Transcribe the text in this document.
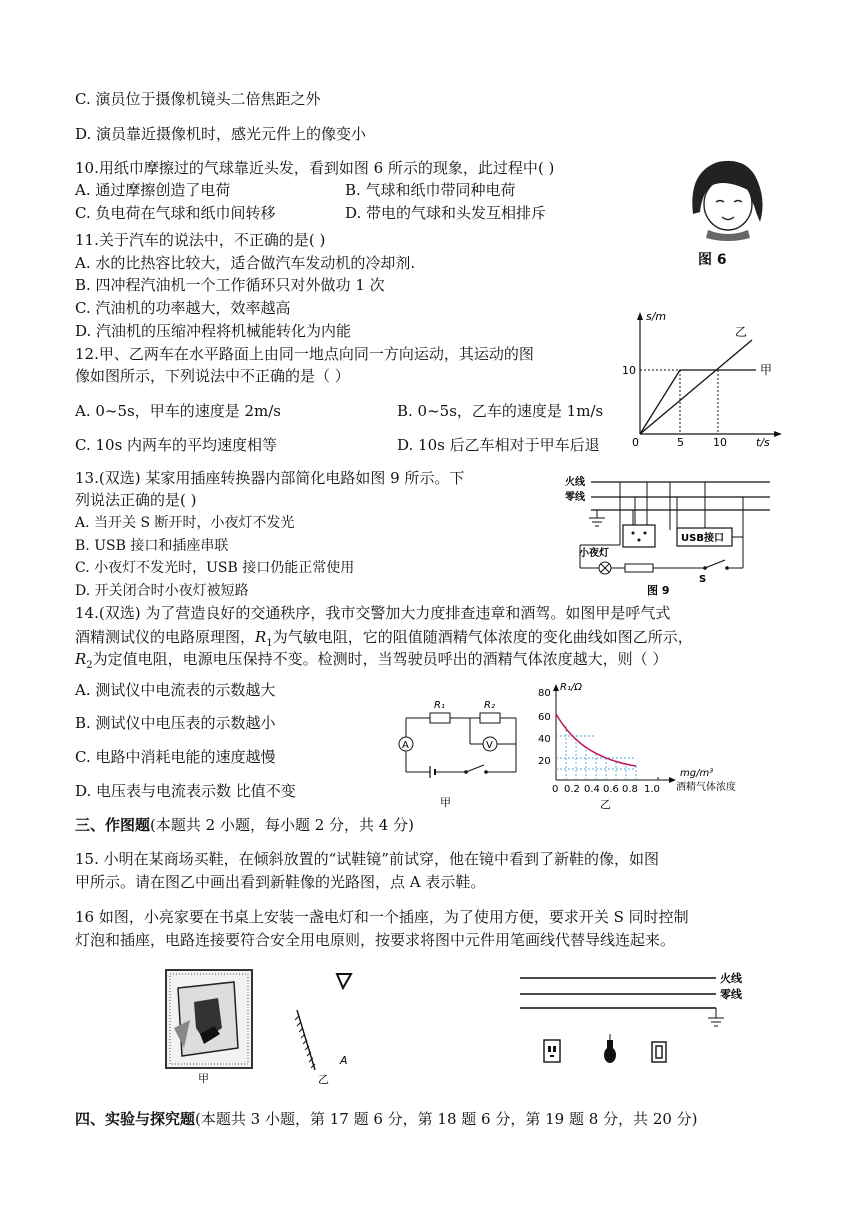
C. 演员位于摄像机镜头二倍焦距之外
D. 演员靠近摄像机时，感光元件上的像变小
10.用纸巾摩擦过的气球靠近头发，看到如图 6 所示的现象，此过程中( )
A. 通过摩擦创造了电荷	B. 气球和纸巾带同种电荷
C. 负电荷在气球和纸巾间转移	D. 带电的气球和头发互相排斥
图 6
11.关于汽车的说法中，不正确的是( )
A. 水的比热容比较大，适合做汽车发动机的冷却剂.
B. 四冲程汽油机一个工作循环只对外做功 1 次
C. 汽油机的功率越大，效率越高
D. 汽油机的压缩冲程将机械能转化为内能
12.甲、乙两车在水平路面上由同一地点向同一方向运动，其运动的图
像如图所示，下列说法中不正确的是（ ）
A. 0~5s，甲车的速度是 2m/s	B. 0~5s，乙车的速度是 1m/s
C. 10s 内两车的平均速度相等	D. 10s 后乙车相对于甲车后退
s/m
t/s
0
10
5	10
乙
甲
13.(双选) 某家用插座转换器内部简化电路如图 9 所示。下
列说法正确的是( )
A. 当开关 S 断开时，小夜灯不发光
B. USB 接口和插座串联
C. 小夜灯不发光时，USB 接口仍能正常使用
D. 开关闭合时小夜灯被短路
火线
零线
USB接口
小夜灯
S
图 9
14.(双选) 为了营造良好的交通秩序，我市交警加大力度排查违章和酒驾。如图甲是呼气式
酒精测试仪的电路原理图，$R_1$为气敏电阻，它的阻值随酒精气体浓度的变化曲线如图乙所示，
$R_2$为定值电阻，电源电压保持不变。检测时，当驾驶员呼出的酒精气体浓度越大，则（ ）
A. 测试仪中电流表的示数越大
B. 测试仪中电压表的示数越小
C. 电路中消耗电能的速度越慢
D. 电压表与电流表示数 比值不变
R₁	R₂
A	V
甲
R₁/Ω
80
60
40
20
0 0.2 0.4 0.6 0.8 1.0
mg/m³
酒精气体浓度
乙
三、作图题(本题共 2 小题，每小题 2 分，共 4 分)
15. 小明在某商场买鞋，在倾斜放置的“试鞋镜”前试穿，他在镜中看到了新鞋的像，如图
甲所示。请在图乙中画出看到新鞋像的光路图，点 A 表示鞋。
16 如图，小亮家要在书桌上安装一盏电灯和一个插座，为了使用方便，要求开关 S 同时控制
灯泡和插座，电路连接要符合安全用电原则，按要求将图中元件用笔画线代替导线连起来。
甲
A
乙
火线
零线
四、实验与探究题(本题共 3 小题，第 17 题 6 分，第 18 题 6 分，第 19 题 8 分，共 20 分)
